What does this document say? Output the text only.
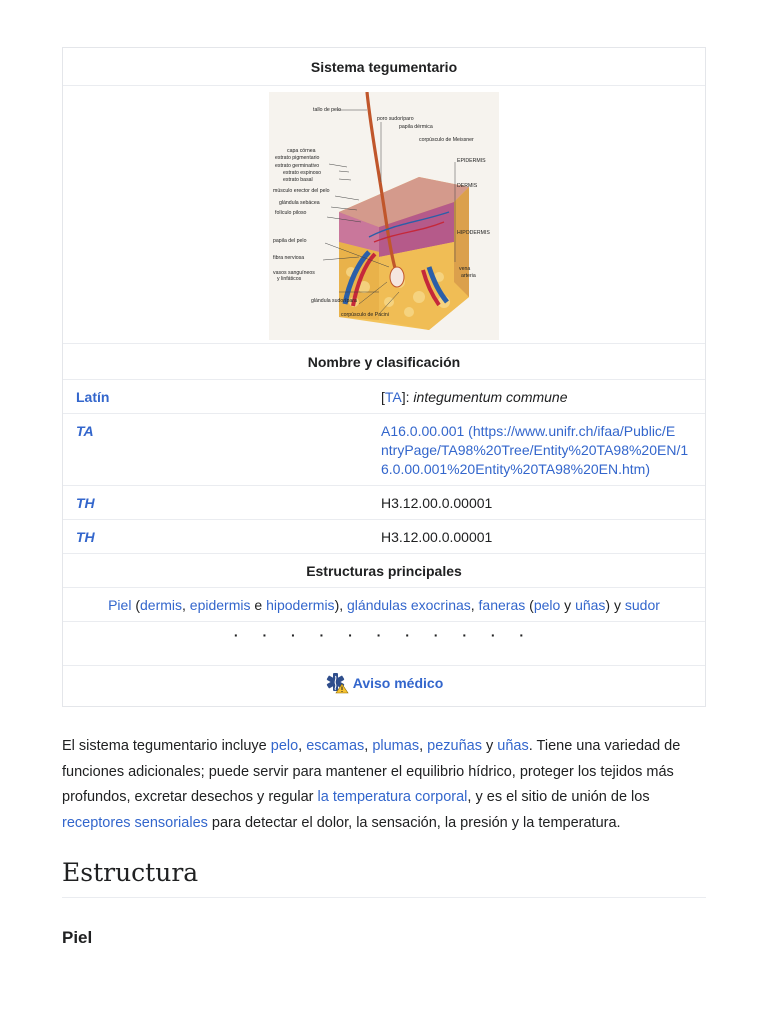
Sistema tegumentario
tallo de pelo
poro sudoríparo
papila dérmica
corpúsculo de Meissner
capa córnea
estrato pigmentario
estrato germinativo
estrato espinoso
estrato basal
músculo erector del pelo
glándula sebácea
folículo piloso
papila del pelo
fibra nerviosa
vasos sanguíneos
y linfáticos
glándula sudorípara
corpúsculo de Pacini
EPIDERMIS
DERMIS
HIPODERMIS
vena
arteria
Nombre y clasificación
Latín	[TA]: integumentum commune
TA	A16.0.00.001 (https://www.unifr.ch/ifaa/Public/E
ntryPage/TA98%20Tree/Entity%20TA98%20EN/1
6.0.00.001%20Entity%20TA98%20EN.htm)
TH	H3.12.00.0.00001
TH	H3.12.00.0.00001
Estructuras principales
Piel (dermis, epidermis e hipodermis), glándulas exocrinas, faneras (pelo y uñas) y sudor
· · · · · · · · · · ·
Aviso médico

El sistema tegumentario incluye pelo, escamas, plumas, pezuñas y uñas. Tiene una variedad de funciones adicionales; puede servir para mantener el equilibrio hídrico, proteger los tejidos más profundos, excretar desechos y regular la temperatura corporal, y es el sitio de unión de los receptores sensoriales para detectar el dolor, la sensación, la presión y la temperatura.

Estructura
Piel
